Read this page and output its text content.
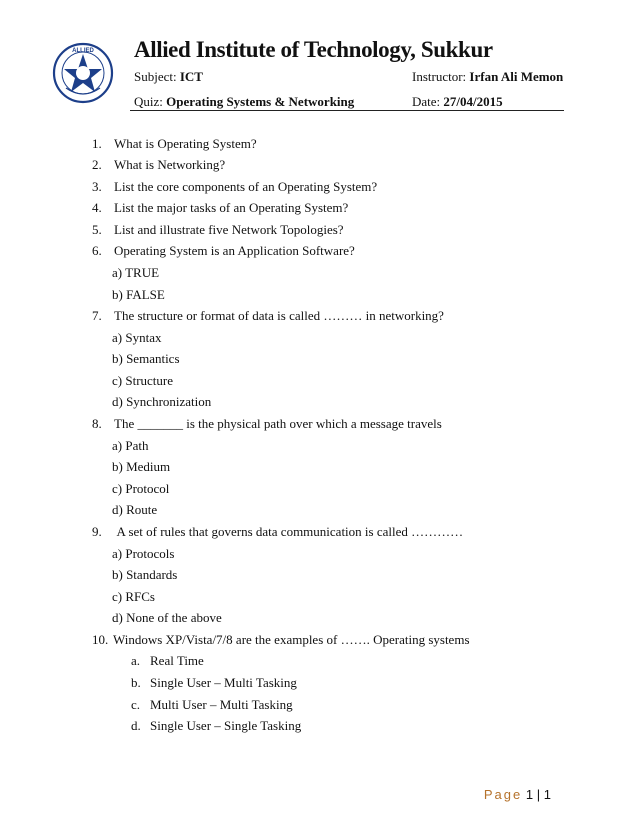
ALLIED Allied Institute of Technology, Sukkur
Subject: ICT	Instructor: Irfan Ali Memon
Quiz: Operating Systems & Networking	Date: 27/04/2015
1. What is Operating System?
2. What is Networking?
3. List the core components of an Operating System?
4. List the major tasks of an Operating System?
5. List and illustrate five Network Topologies?
6. Operating System is an Application Software?
a) TRUE
b) FALSE
7. The structure or format of data is called ……… in networking?
a) Syntax
b) Semantics
c) Structure
d) Synchronization
8. The _______ is the physical path over which a message travels
a) Path
b) Medium
c) Protocol
d) Route
9. A set of rules that governs data communication is called …………
a) Protocols
b) Standards
c) RFCs
d) None of the above
10. Windows XP/Vista/7/8 are the examples of ……. Operating systems
a. Real Time
b. Single User – Multi Tasking
c. Multi User – Multi Tasking
d. Single User – Single Tasking
Page 1 | 1
